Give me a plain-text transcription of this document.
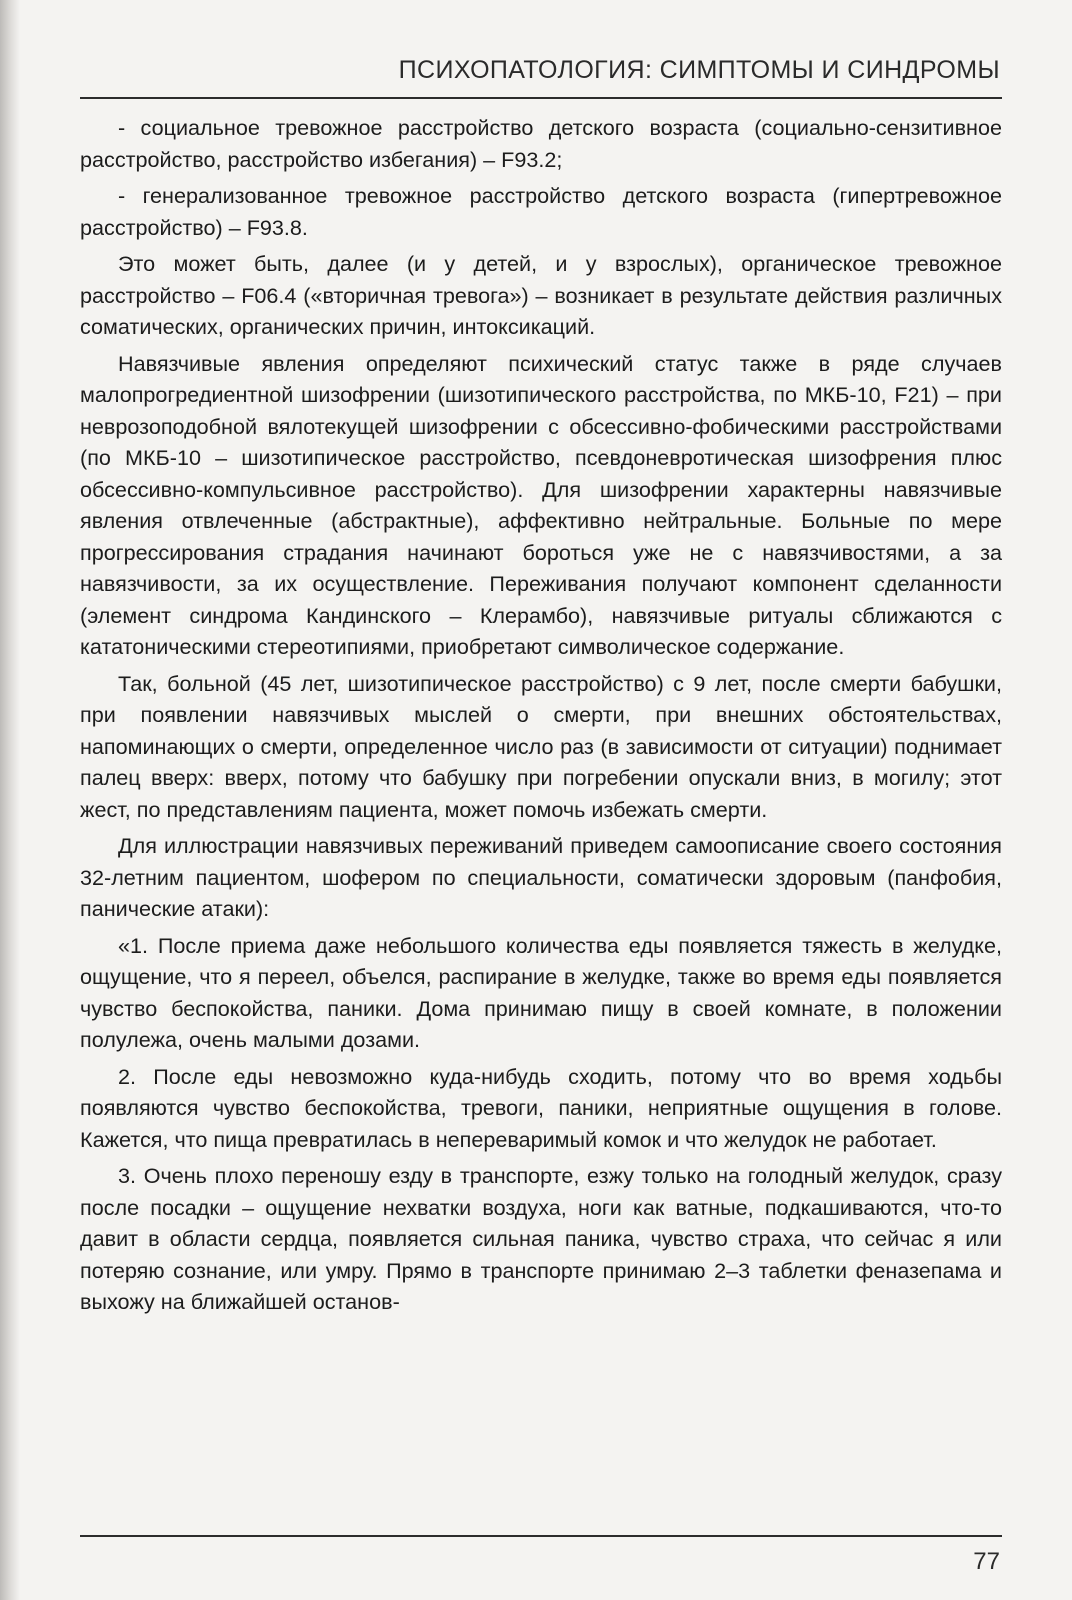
ПСИХОПАТОЛОГИЯ: СИМПТОМЫ И СИНДРОМЫ

- социальное тревожное расстройство детского возраста (социально-сензитивное расстройство, расстройство избегания) – F93.2;

- генерализованное тревожное расстройство детского возраста (гипертревожное расстройство) – F93.8.

Это может быть, далее (и у детей, и у взрослых), органическое тревожное расстройство – F06.4 («вторичная тревога») – возникает в результате действия различных соматических, органических причин, интоксикаций.

Навязчивые явления определяют психический статус также в ряде случаев малопрогредиентной шизофрении (шизотипического расстройства, по МКБ-10, F21) – при неврозоподобной вялотекущей шизофрении с обсессивно-фобическими расстройствами (по МКБ-10 – шизотипическое расстройство, псевдоневротическая шизофрения плюс обсессивно-компульсивное расстройство). Для шизофрении характерны навязчивые явления отвлеченные (абстрактные), аффективно нейтральные. Больные по мере прогрессирования страдания начинают бороться уже не с навязчивостями, а за навязчивости, за их осуществление. Переживания получают компонент сделанности (элемент синдрома Кандинского – Клерамбо), навязчивые ритуалы сближаются с кататоническими стереотипиями, приобретают символическое содержание.

Так, больной (45 лет, шизотипическое расстройство) с 9 лет, после смерти бабушки, при появлении навязчивых мыслей о смерти, при внешних обстоятельствах, напоминающих о смерти, определенное число раз (в зависимости от ситуации) поднимает палец вверх: вверх, потому что бабушку при погребении опускали вниз, в могилу; этот жест, по представлениям пациента, может помочь избежать смерти.

Для иллюстрации навязчивых переживаний приведем самоописание своего состояния 32-летним пациентом, шофером по специальности, соматически здоровым (панфобия, панические атаки):

«1. После приема даже небольшого количества еды появляется тяжесть в желудке, ощущение, что я переел, объелся, распирание в желудке, также во время еды появляется чувство беспокойства, паники. Дома принимаю пищу в своей комнате, в положении полулежа, очень малыми дозами.

2. После еды невозможно куда-нибудь сходить, потому что во время ходьбы появляются чувство беспокойства, тревоги, паники, неприятные ощущения в голове. Кажется, что пища превратилась в непереваримый комок и что желудок не работает.

3. Очень плохо переношу езду в транспорте, езжу только на голодный желудок, сразу после посадки – ощущение нехватки воздуха, ноги как ватные, подкашиваются, что-то давит в области сердца, появляется сильная паника, чувство страха, что сейчас я или потеряю сознание, или умру. Прямо в транспорте принимаю 2–3 таблетки феназепама и выхожу на ближайшей останов-

77
